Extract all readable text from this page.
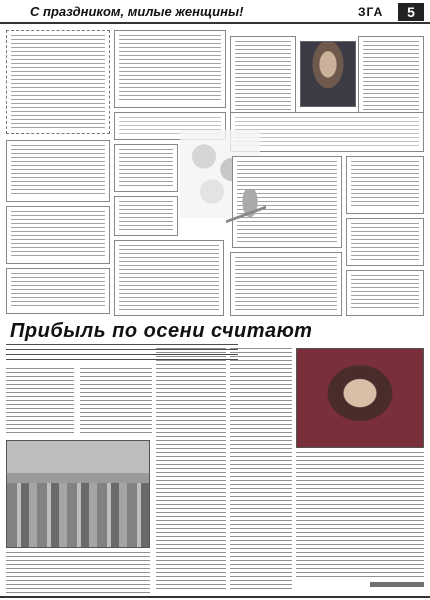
С праздником, милые женщины!	ЗГА	5
Прибыль по осени считают
